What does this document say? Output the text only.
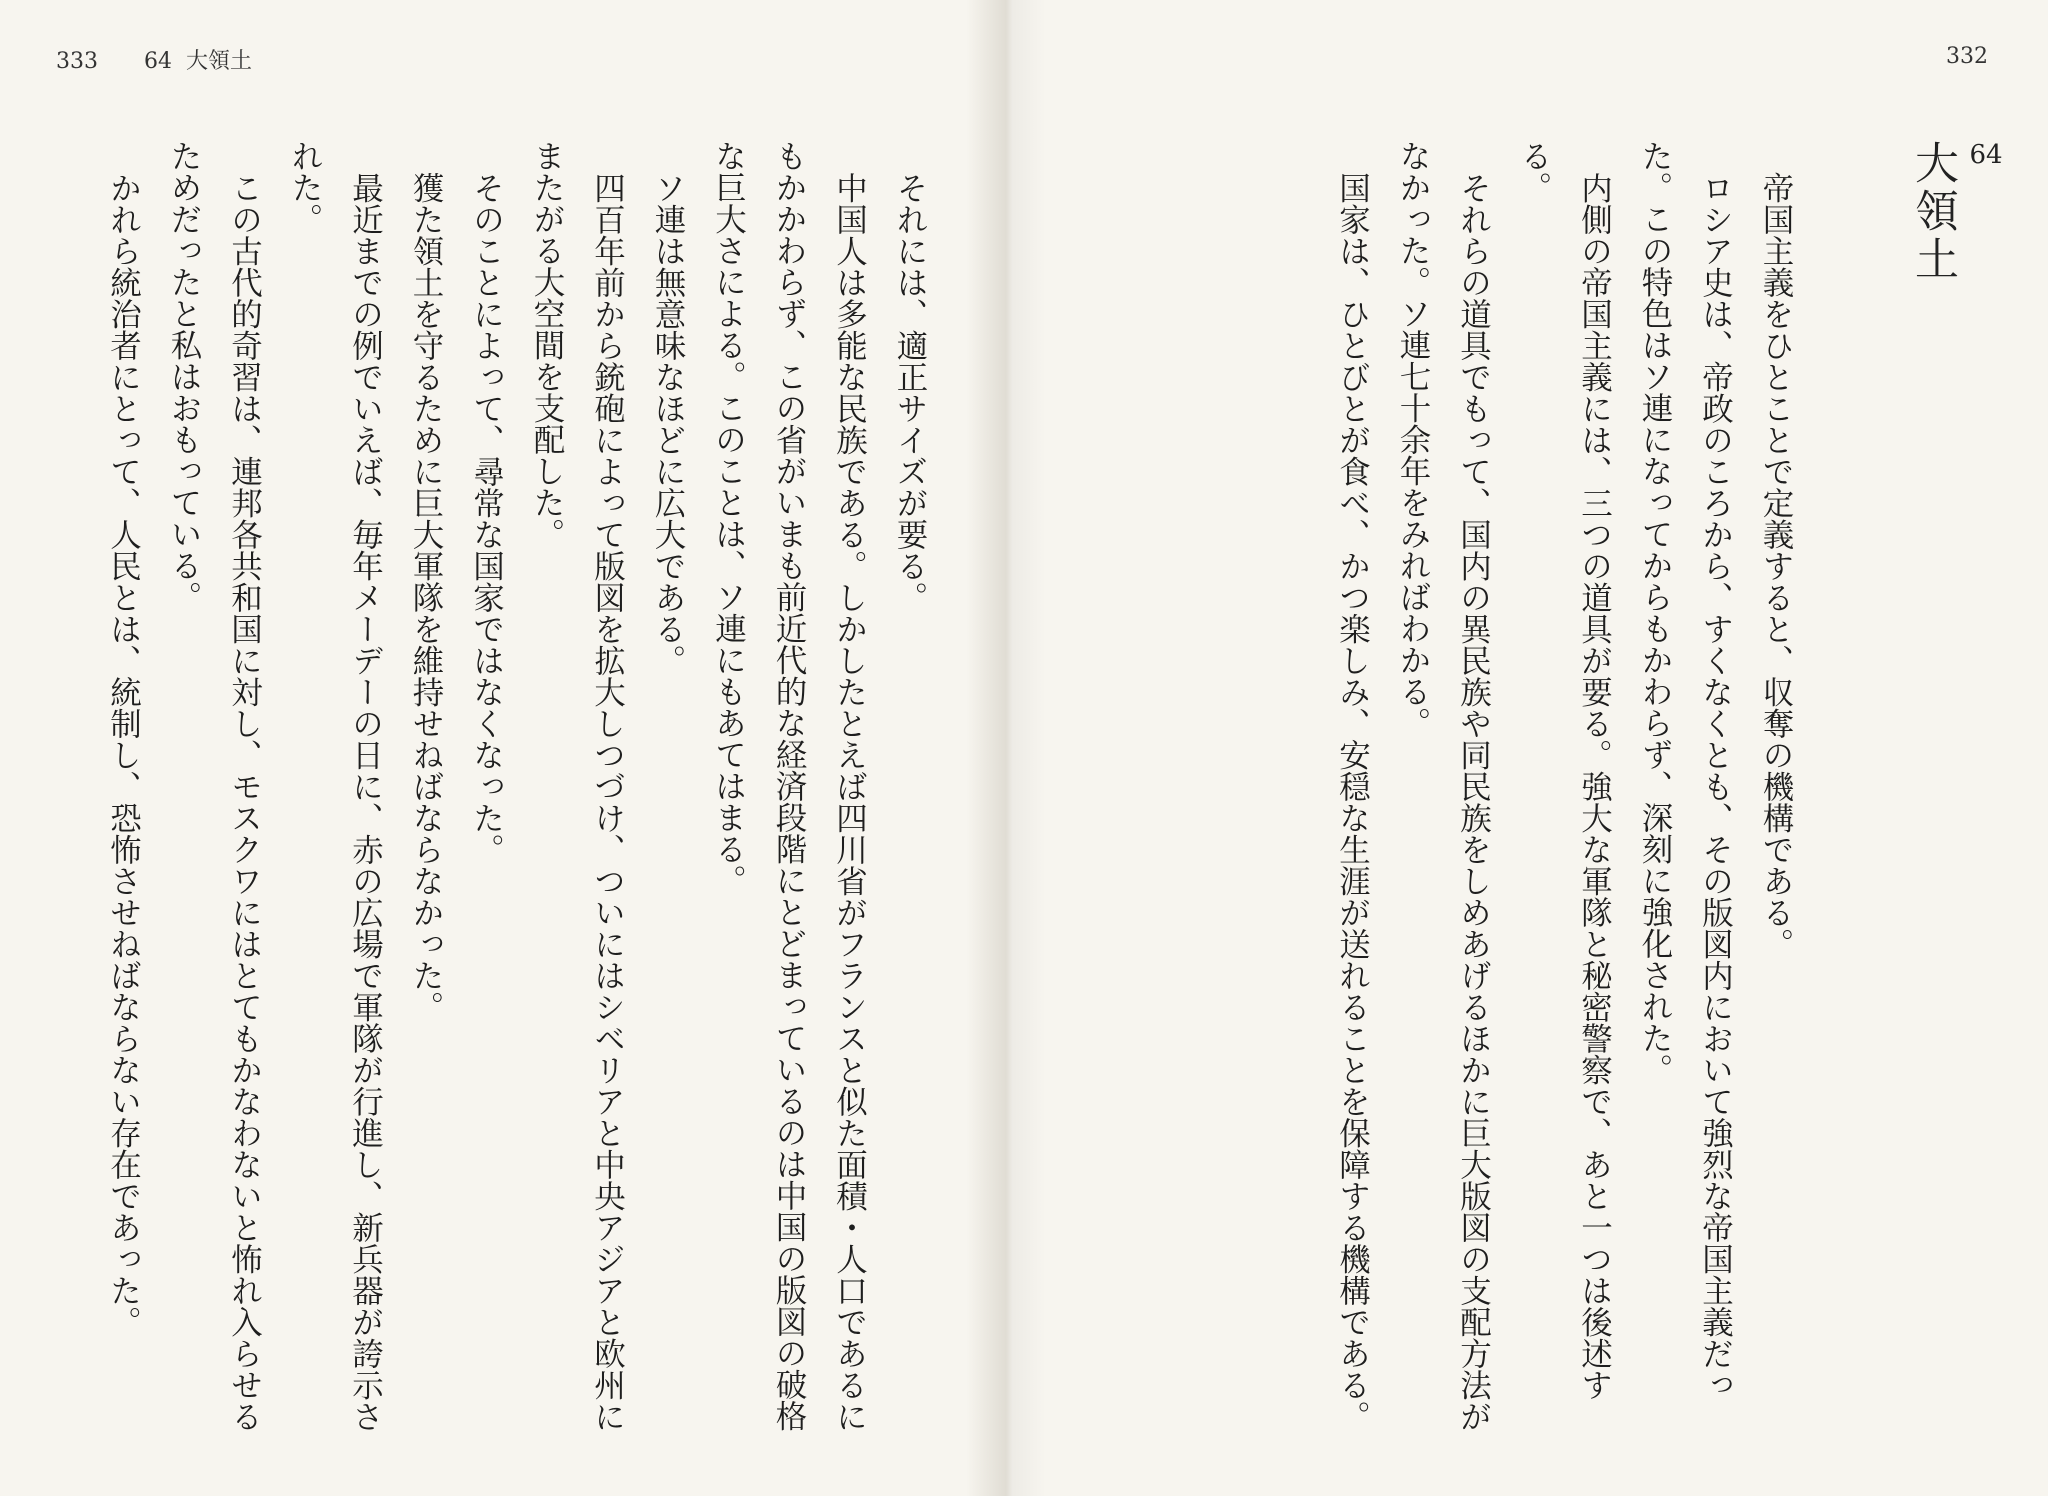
333 64 大領土	332
64
大領土

帝国主義をひとことで定義すると、収奪の機構である。

ロシア史は、帝政のころから、すくなくとも、その版図内において強烈な帝国主義だった。この特色はソ連になってからもかわらず、深刻に強化された。

内側の帝国主義には、三つの道具が要る。強大な軍隊と秘密警察で、あと一つは後述する。

それらの道具でもって、国内の異民族や同民族をしめあげるほかに巨大版図の支配方法がなかった。ソ連七十余年をみればわかる。

国家は、ひとびとが食べ、かつ楽しみ、安穏な生涯が送れることを保障する機構である。

それには、適正サイズが要る。

中国人は多能な民族である。しかしたとえば四川省がフランスと似た面積・人口であるにもかかわらず、この省がいまも前近代的な経済段階にとどまっているのは中国の版図の破格な巨大さによる。このことは、ソ連にもあてはまる。

ソ連は無意味なほどに広大である。

四百年前から銃砲によって版図を拡大しつづけ、ついにはシベリアと中央アジアと欧州にまたがる大空間を支配した。

そのことによって、尋常な国家ではなくなった。

獲た領土を守るために巨大軍隊を維持せねばならなかった。

最近までの例でいえば、毎年メーデーの日に、赤の広場で軍隊が行進し、新兵器が誇示された。

この古代的奇習は、連邦各共和国に対し、モスクワにはとてもかなわないと怖れ入らせるためだったと私はおもっている。

かれら統治者にとって、人民とは、統制し、恐怖させねばならない存在であった。
